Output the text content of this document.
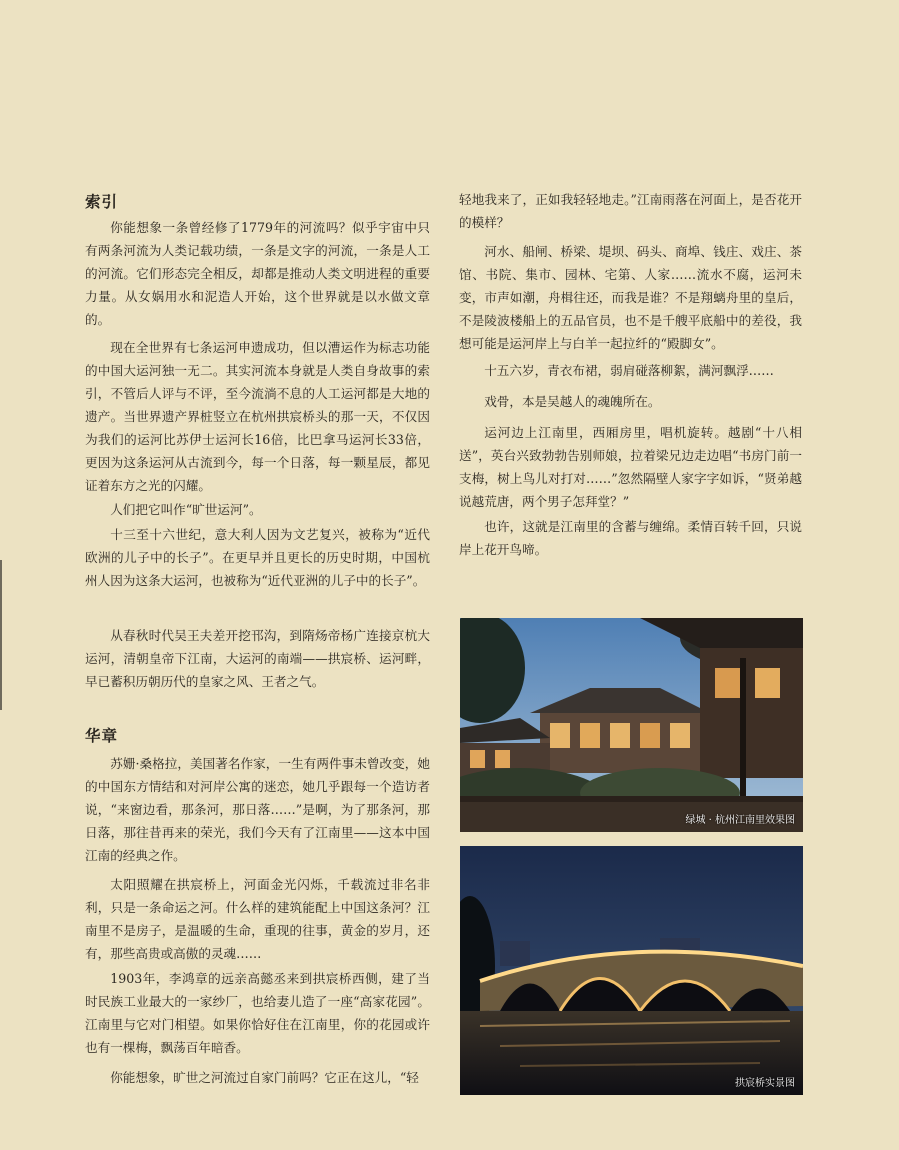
索引

你能想象一条曾经修了1779年的河流吗？似乎宇宙中只有两条河流为人类记载功绩，一条是文字的河流，一条是人工的河流。它们形态完全相反，却都是推动人类文明进程的重要力量。从女娲用水和泥造人开始，这个世界就是以水做文章的。

现在全世界有七条运河申遗成功，但以漕运作为标志功能的中国大运河独一无二。其实河流本身就是人类自身故事的索引，不管后人评与不评，至今流淌不息的人工运河都是大地的遗产。当世界遗产界桩竖立在杭州拱宸桥头的那一天，不仅因为我们的运河比苏伊士运河长16倍，比巴拿马运河长33倍，更因为这条运河从古流到今，每一个日落，每一颗星辰，都见证着东方之光的闪耀。

人们把它叫作“旷世运河”。

十三至十六世纪，意大利人因为文艺复兴，被称为“近代欧洲的儿子中的长子”。在更早并且更长的历史时期，中国杭州人因为这条大运河，也被称为“近代亚洲的儿子中的长子”。

从春秋时代吴王夫差开挖邗沟，到隋炀帝杨广连接京杭大运河，清朝皇帝下江南，大运河的南端——拱宸桥、运河畔，早已蓄积历朝历代的皇家之风、王者之气。

华章

苏姗·桑格拉，美国著名作家，一生有两件事未曾改变，她的中国东方情结和对河岸公寓的迷恋，她几乎跟每一个造访者说，“来窗边看，那条河，那日落……”是啊，为了那条河，那日落，那往昔再来的荣光，我们今天有了江南里——这本中国江南的经典之作。

太阳照耀在拱宸桥上，河面金光闪烁，千载流过非名非利，只是一条命运之河。什么样的建筑能配上中国这条河？江南里不是房子，是温暖的生命，重现的往事，黄金的岁月，还有，那些高贵或高傲的灵魂……

1903年，李鸿章的远亲高懿丞来到拱宸桥西侧，建了当时民族工业最大的一家纱厂，也给妻儿造了一座“高家花园”。江南里与它对门相望。如果你恰好住在江南里，你的花园或许也有一棵梅，飘荡百年暗香。

你能想象，旷世之河流过自家门前吗？它正在这儿，“轻

轻地我来了，正如我轻轻地走。”江南雨落在河面上，是否花开的模样？

河水、船闸、桥梁、堤坝、码头、商埠、钱庄、戏庄、茶馆、书院、集市、园林、宅第、人家……流水不腐，运河未变，市声如潮，舟楫往还，而我是谁？不是翔螭舟里的皇后，不是陵波楼船上的五品官员，也不是千艘平底船中的差役，我想可能是运河岸上与白羊一起拉纤的“殿脚女”。

十五六岁，青衣布裙，弱肩碰落柳絮，满河飘浮……

戏骨，本是吴越人的魂魄所在。

运河边上江南里，西厢房里，唱机旋转。越剧“十八相送”，英台兴致勃勃告别师娘，拉着梁兄边走边唱“书房门前一支梅，树上鸟儿对打对……”忽然隔壁人家字字如诉，“贤弟越说越荒唐，两个男子怎拜堂？”

也许，这就是江南里的含蓄与缠绵。柔情百转千回，只说岸上花开鸟啼。

绿城 · 杭州江南里效果图
拱宸桥实景图
